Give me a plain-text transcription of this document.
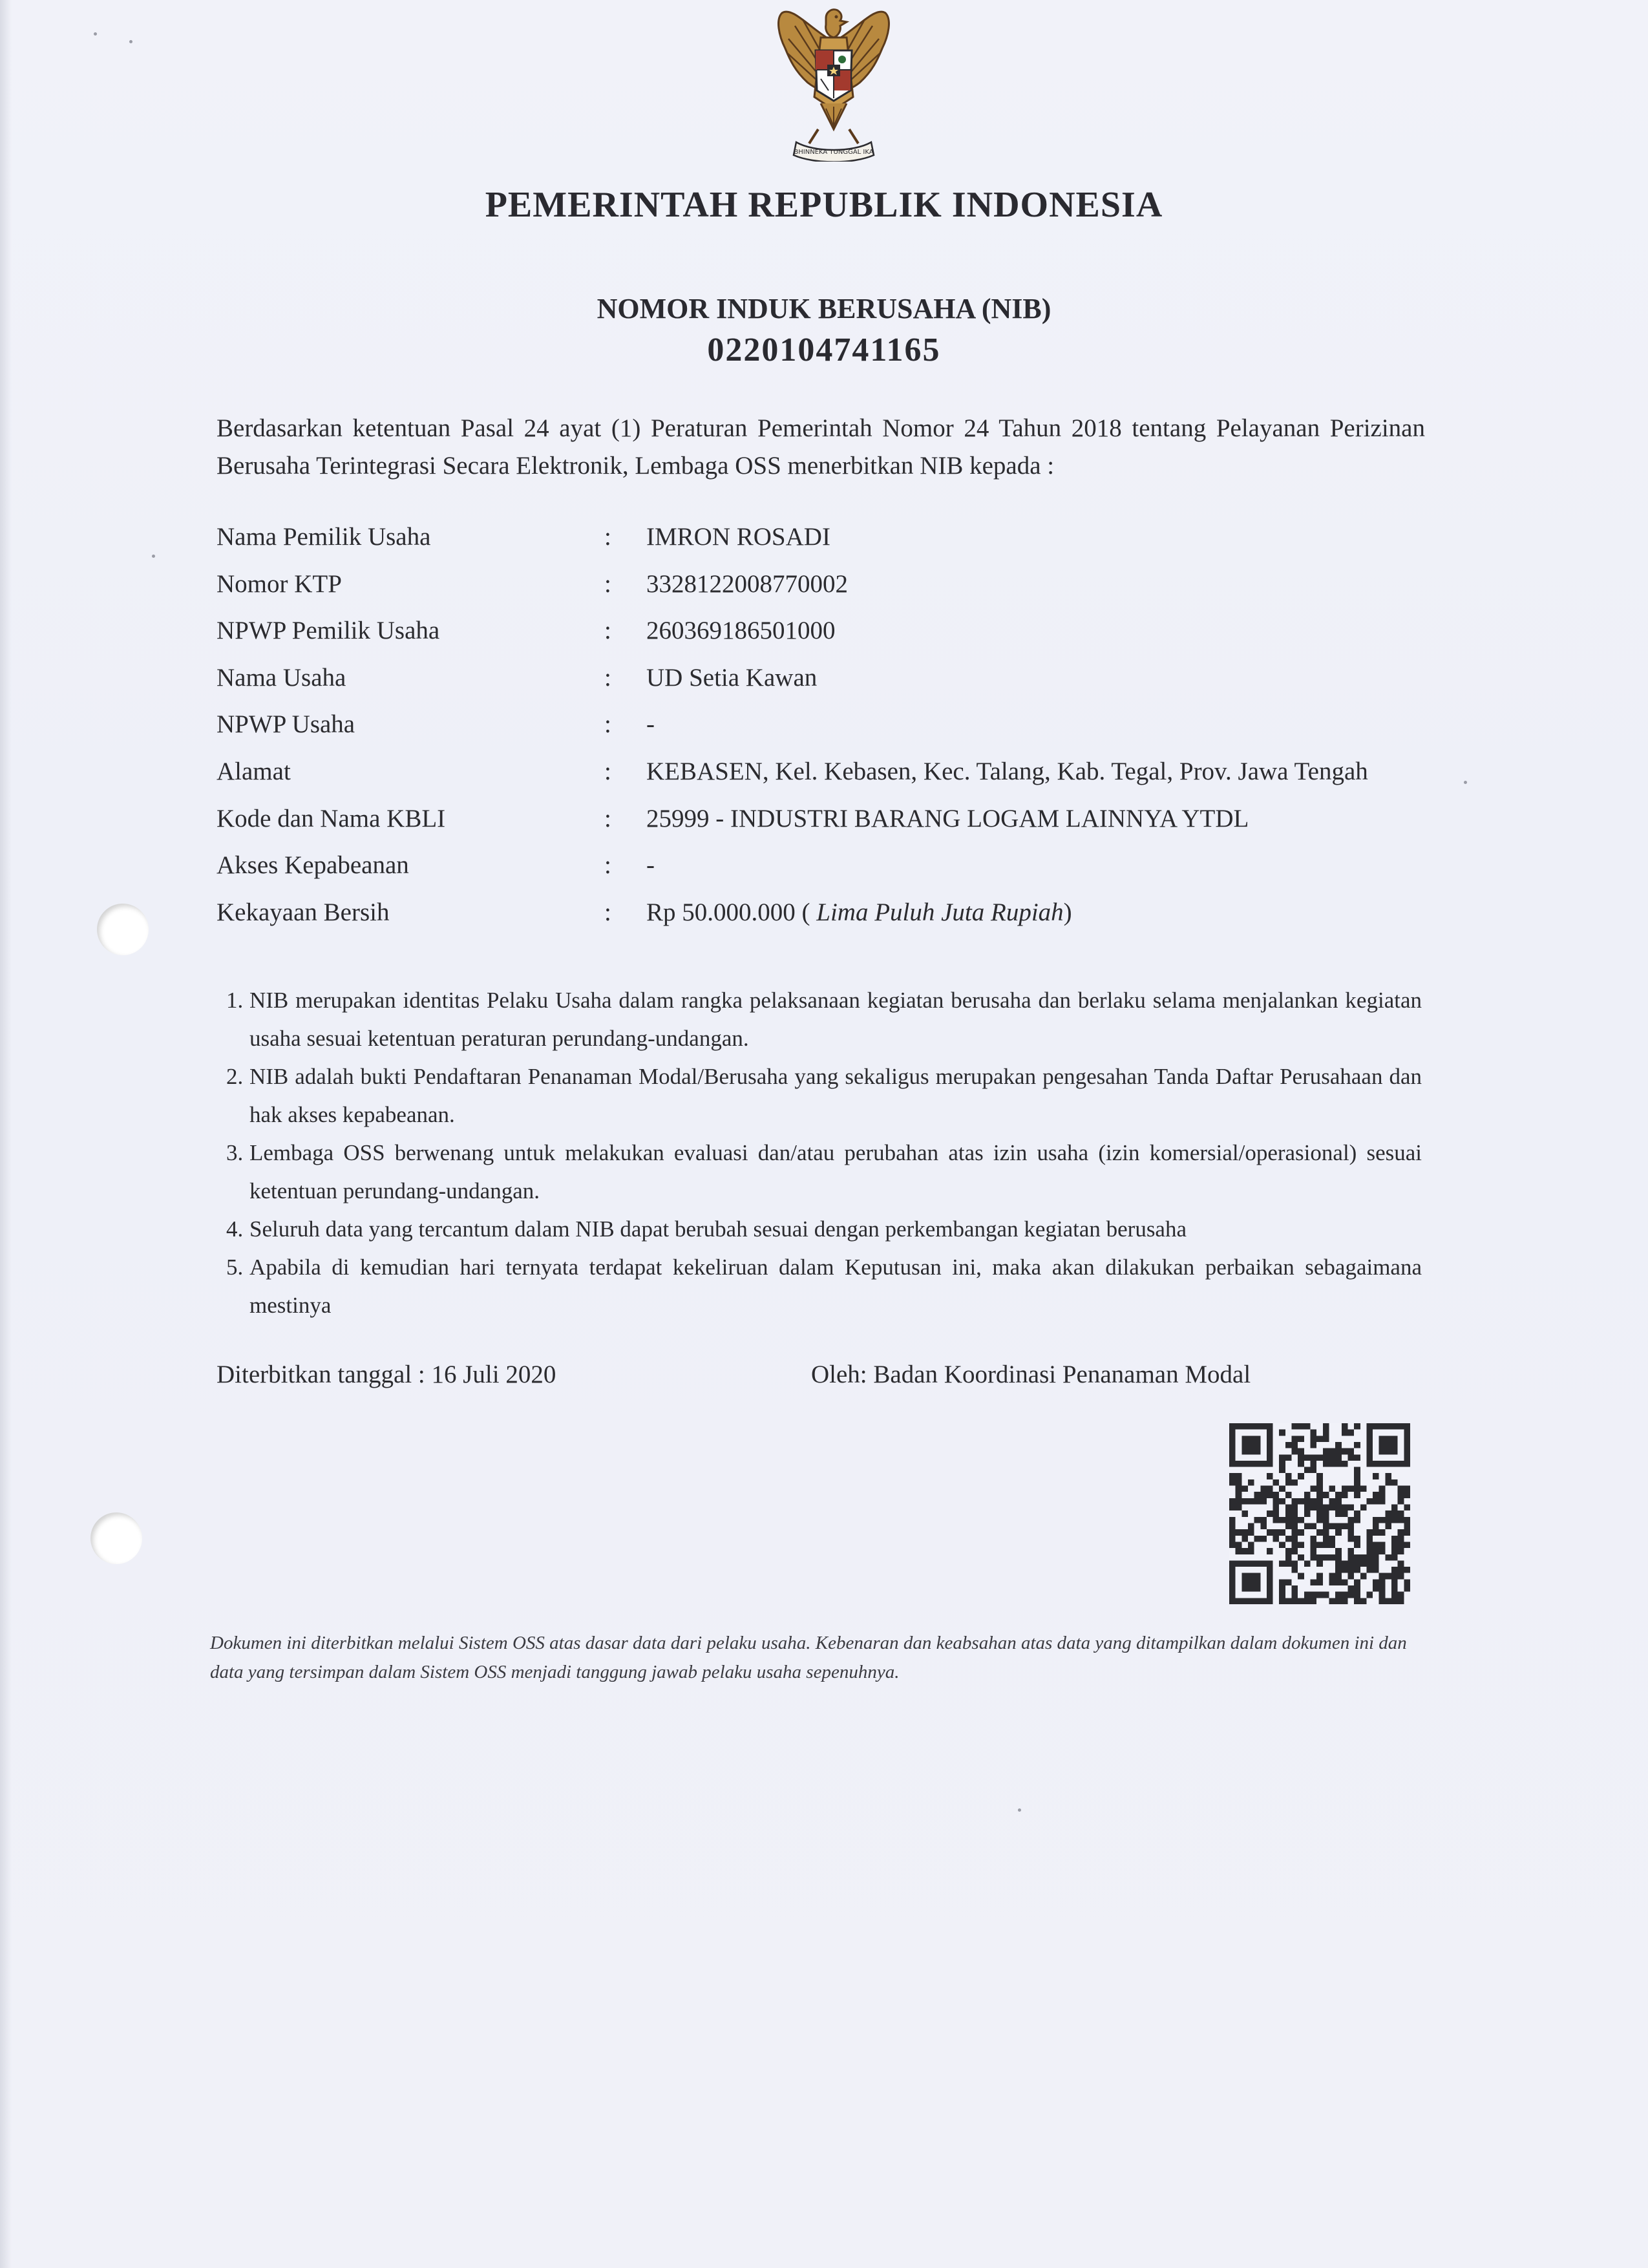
BHINNEKA TUNGGAL IKA
PEMERINTAH REPUBLIK INDONESIA
NOMOR INDUK BERUSAHA (NIB)
0220104741165
Berdasarkan ketentuan Pasal 24 ayat (1) Peraturan Pemerintah Nomor 24 Tahun 2018 tentang Pelayanan Perizinan Berusaha Terintegrasi Secara Elektronik, Lembaga OSS menerbitkan NIB kepada :
Nama Pemilik Usaha	: IMRON ROSADI
Nomor KTP	: 3328122008770002
NPWP Pemilik Usaha	: 260369186501000
Nama Usaha	: UD Setia Kawan
NPWP Usaha	: -
Alamat	: KEBASEN, Kel. Kebasen, Kec. Talang, Kab. Tegal, Prov. Jawa Tengah
Kode dan Nama KBLI	: 25999 - INDUSTRI BARANG LOGAM LAINNYA YTDL
Akses Kepabeanan	: -
Kekayaan Bersih	: Rp 50.000.000 ( Lima Puluh Juta Rupiah)
1. NIB merupakan identitas Pelaku Usaha dalam rangka pelaksanaan kegiatan berusaha dan berlaku selama menjalankan kegiatan usaha sesuai ketentuan peraturan perundang-undangan.
2. NIB adalah bukti Pendaftaran Penanaman Modal/Berusaha yang sekaligus merupakan pengesahan Tanda Daftar Perusahaan dan hak akses kepabeanan.
3. Lembaga OSS berwenang untuk melakukan evaluasi dan/atau perubahan atas izin usaha (izin komersial/operasional) sesuai ketentuan perundang-undangan.
4. Seluruh data yang tercantum dalam NIB dapat berubah sesuai dengan perkembangan kegiatan berusaha
5. Apabila di kemudian hari ternyata terdapat kekeliruan dalam Keputusan ini, maka akan dilakukan perbaikan sebagaimana mestinya
Diterbitkan tanggal : 16 Juli 2020	Oleh: Badan Koordinasi Penanaman Modal
Dokumen ini diterbitkan melalui Sistem OSS atas dasar data dari pelaku usaha. Kebenaran dan keabsahan atas data yang ditampilkan dalam dokumen ini dan data yang tersimpan dalam Sistem OSS menjadi tanggung jawab pelaku usaha sepenuhnya.
